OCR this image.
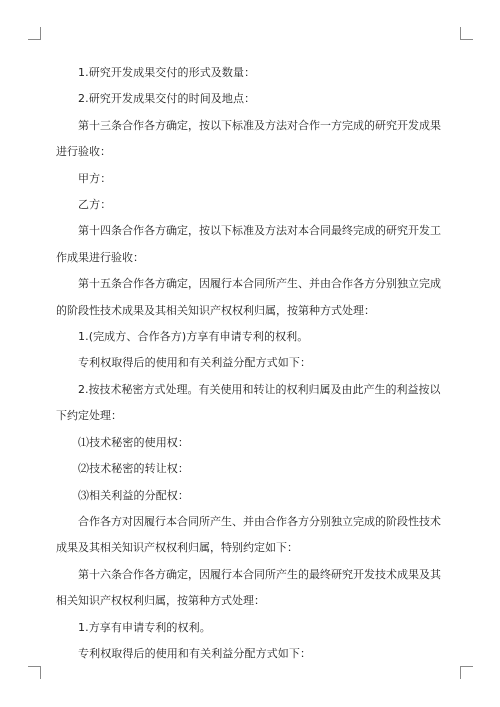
1.研究开发成果交付的形式及数量：

2.研究开发成果交付的时间及地点：

第十三条合作各方确定，按以下标准及方法对合作一方完成的研究开发成果进行验收：

甲方：

乙方：

第十四条合作各方确定，按以下标准及方法对本合同最终完成的研究开发工作成果进行验收：

第十五条合作各方确定，因履行本合同所产生、并由合作各方分别独立完成的阶段性技术成果及其相关知识产权权利归属，按第种方式处理：

1.(完成方、合作各方)方享有申请专利的权利。

专利权取得后的使用和有关利益分配方式如下：

2.按技术秘密方式处理。有关使用和转让的权利归属及由此产生的利益按以下约定处理：

⑴技术秘密的使用权：

⑵技术秘密的转让权：

⑶相关利益的分配权：

合作各方对因履行本合同所产生、并由合作各方分别独立完成的阶段性技术成果及其相关知识产权权利归属，特别约定如下：

第十六条合作各方确定，因履行本合同所产生的最终研究开发技术成果及其相关知识产权权利归属，按第种方式处理：

1.方享有申请专利的权利。

专利权取得后的使用和有关利益分配方式如下：
